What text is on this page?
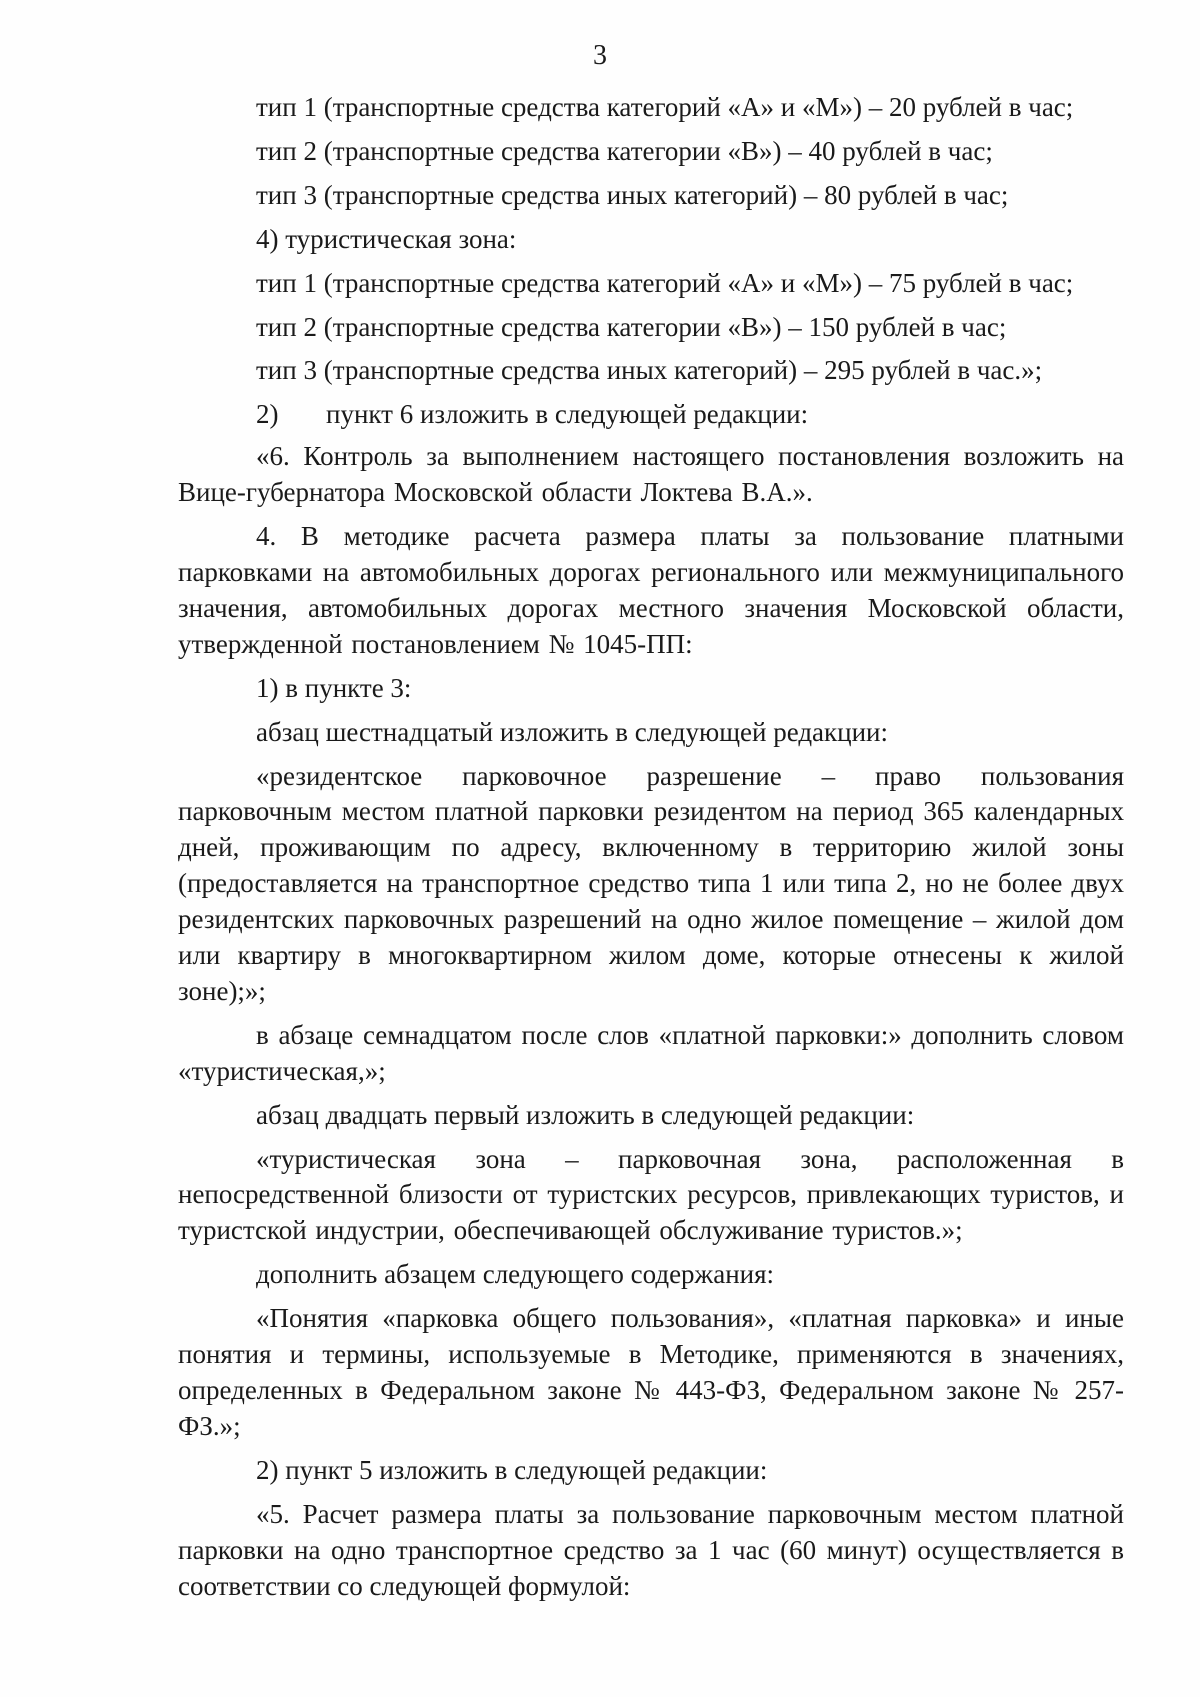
3

тип 1 (транспортные средства категорий «А» и «М») – 20 рублей в час;

тип 2 (транспортные средства категории «В») – 40 рублей в час;

тип 3 (транспортные средства иных категорий) – 80 рублей в час;

4) туристическая зона:

тип 1 (транспортные средства категорий «А» и «М») – 75 рублей в час;

тип 2 (транспортные средства категории «В») – 150 рублей в час;

тип 3 (транспортные средства иных категорий) – 295 рублей в час.»;

2) пункт 6 изложить в следующей редакции:

«6. Контроль за выполнением настоящего постановления возложить на Вице-губернатора Московской области Локтева В.А.».

4. В методике расчета размера платы за пользование платными парковками на автомобильных дорогах регионального или межмуниципального значения, автомобильных дорогах местного значения Московской области, утвержденной постановлением № 1045-ПП:

1) в пункте 3:

абзац шестнадцатый изложить в следующей редакции:

«резидентское парковочное разрешение – право пользования парковочным местом платной парковки резидентом на период 365 календарных дней, проживающим по адресу, включенному в территорию жилой зоны (предоставляется на транспортное средство типа 1 или типа 2, но не более двух резидентских парковочных разрешений на одно жилое помещение – жилой дом или квартиру в многоквартирном жилом доме, которые отнесены к жилой зоне);»;

в абзаце семнадцатом после слов «платной парковки:» дополнить словом «туристическая,»;

абзац двадцать первый изложить в следующей редакции:

«туристическая зона – парковочная зона, расположенная в непосредственной близости от туристских ресурсов, привлекающих туристов, и туристской индустрии, обеспечивающей обслуживание туристов.»;

дополнить абзацем следующего содержания:

«Понятия «парковка общего пользования», «платная парковка» и иные понятия и термины, используемые в Методике, применяются в значениях, определенных в Федеральном законе № 443-ФЗ, Федеральном законе № 257-ФЗ.»;

2) пункт 5 изложить в следующей редакции:

«5. Расчет размера платы за пользование парковочным местом платной парковки на одно транспортное средство за 1 час (60 минут) осуществляется в соответствии со следующей формулой:
